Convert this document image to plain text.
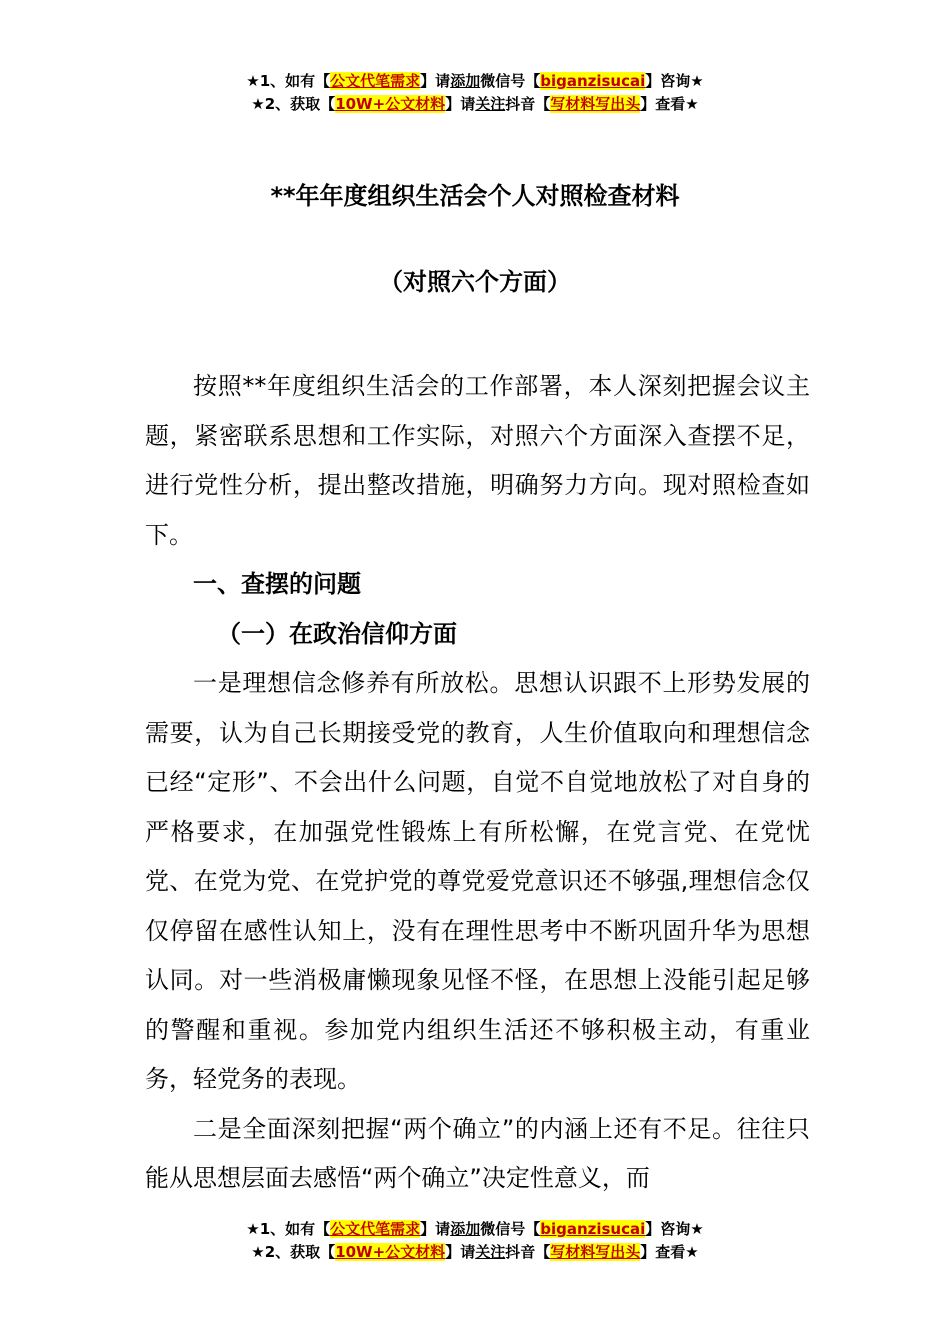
★1、如有【公文代笔需求】请添加微信号【biganzisucai】咨询★
★2、获取【10W+公文材料】请关注抖音【写材料写出头】查看★
**年年度组织生活会个人对照检查材料
（对照六个方面）

按照**年度组织生活会的工作部署，本人深刻把握会议主题，紧密联系思想和工作实际，对照六个方面深入查摆不足，进行党性分析，提出整改措施，明确努力方向。现对照检查如下。

一、查摆的问题

（一）在政治信仰方面

一是理想信念修养有所放松。思想认识跟不上形势发展的需要，认为自己长期接受党的教育，人生价值取向和理想信念已经“定形”、不会出什么问题，自觉不自觉地放松了对自身的严格要求，在加强党性锻炼上有所松懈，在党言党、在党忧党、在党为党、在党护党的尊党爱党意识还不够强,理想信念仅仅停留在感性认知上，没有在理性思考中不断巩固升华为思想认同。对一些消极庸懒现象见怪不怪，在思想上没能引起足够的警醒和重视。参加党内组织生活还不够积极主动，有重业务，轻党务的表现。

二是全面深刻把握“两个确立”的内涵上还有不足。往往只能从思想层面去感悟“两个确立”决定性意义，而

★1、如有【公文代笔需求】请添加微信号【biganzisucai】咨询★
★2、获取【10W+公文材料】请关注抖音【写材料写出头】查看★
